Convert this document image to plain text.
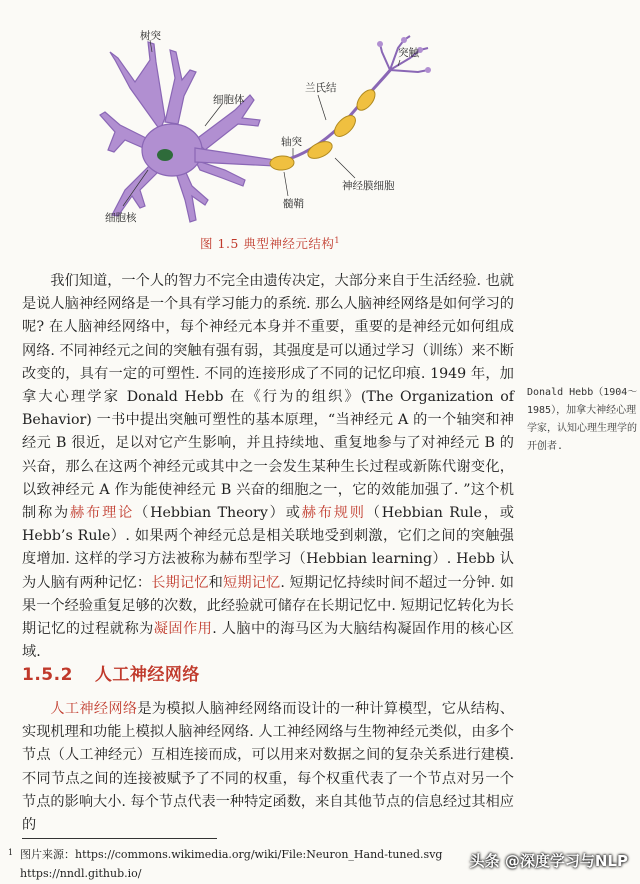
树突
细胞体
细胞核
轴突
兰氏结
髓鞘
神经膜细胞
突触
图 1.5 典型神经元结构$^1$

我们知道，一个人的智力不完全由遗传决定，大部分来自于生活经验. 也就是说人脑神经网络是一个具有学习能力的系统. 那么人脑神经网络是如何学习的呢? 在人脑神经网络中，每个神经元本身并不重要，重要的是神经元如何组成网络. 不同神经元之间的突触有强有弱，其强度是可以通过学习（训练）来不断改变的，具有一定的可塑性. 不同的连接形成了不同的记忆印痕. 1949 年，加拿大心理学家 Donald Hebb 在《行为的组织》(The Organization of Behavior) 一书中提出突触可塑性的基本原理，“当神经元 A 的一个轴突和神经元 B 很近，足以对它产生影响，并且持续地、重复地参与了对神经元 B 的兴奋，那么在这两个神经元或其中之一会发生某种生长过程或新陈代谢变化，以致神经元 A 作为能使神经元 B 兴奋的细胞之一，它的效能加强了. ”这个机制称为赫布理论（Hebbian Theory）或赫布规则（Hebbian Rule，或 Hebb’s Rule）. 如果两个神经元总是相关联地受到刺激，它们之间的突触强度增加. 这样的学习方法被称为赫布型学习（Hebbian learning）. Hebb 认为人脑有两种记忆：长期记忆和短期记忆. 短期记忆持续时间不超过一分钟. 如果一个经验重复足够的次数，此经验就可储存在长期记忆中. 短期记忆转化为长期记忆的过程就称为凝固作用. 人脑中的海马区为大脑结构凝固作用的核心区域.

Donald Hebb（1904～1985），加拿大神经心理学家，认知心理生理学的开创者.
1.5.2 人工神经网络

人工神经网络是为模拟人脑神经网络而设计的一种计算模型，它从结构、实现机理和功能上模拟人脑神经网络. 人工神经网络与生物神经元类似，由多个节点（人工神经元）互相连接而成，可以用来对数据之间的复杂关系进行建模. 不同节点之间的连接被赋予了不同的权重，每个权重代表了一个节点对另一个节点的影响大小. 每个节点代表一种特定函数，来自其他节点的信息经过其相应的

1 图片来源：https://commons.wikimedia.org/wiki/File:Neuron_Hand-tuned.svg
https://nndl.github.io/
头条 @深度学习与NLP
